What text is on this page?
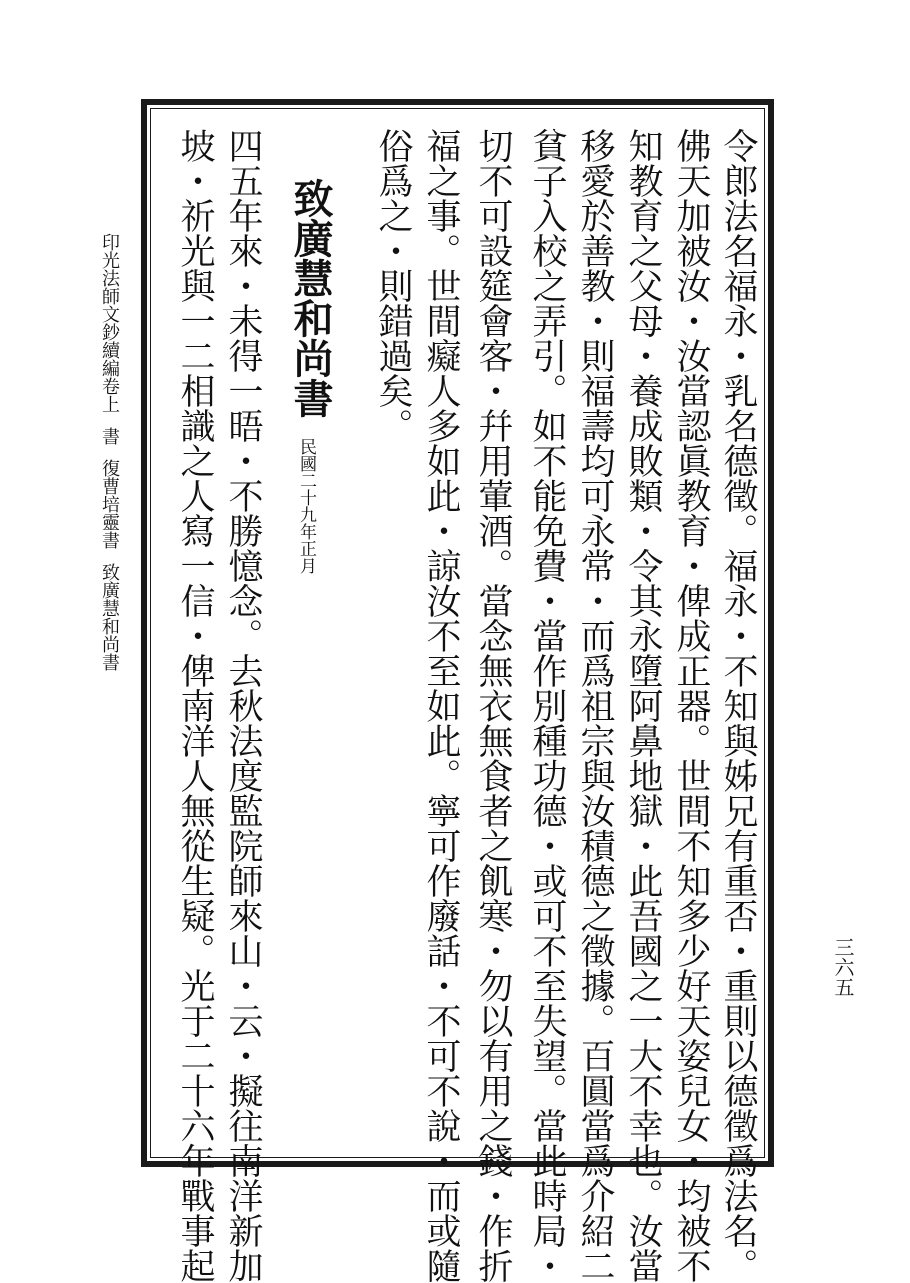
令郎法名福永・乳名德徵。福永・不知與姊兄有重否・重則以德徵爲法名。
佛天加被汝・汝當認眞教育・俾成正器。世間不知多少好天姿兒女・均被不
知教育之父母・養成敗類・令其永墮阿鼻地獄・此吾國之一大不幸也。汝當
移愛於善教・則福壽均可永常・而爲祖宗與汝積德之徵據。百圓當爲介紹二
貧子入校之弄引。如不能免費・當作別種功德・或可不至失望。當此時局・
切不可設筵會客・幷用葷酒。當念無衣無食者之飢寒・勿以有用之錢・作折
福之事。世間癡人多如此・諒汝不至如此。寧可作廢話・不可不說・而或隨
俗爲之・則錯過矣。
致廣慧和尚書
民國二十九年正月
四五年來・未得一晤・不勝憶念。去秋法度監院師來山・云・擬往南洋新加
坡・祈光與一二相識之人寫一信・俾南洋人無從生疑。光于二十六年戰事起
印光法師文鈔續編卷上書復曹培靈書致廣慧和尚書
三六五
